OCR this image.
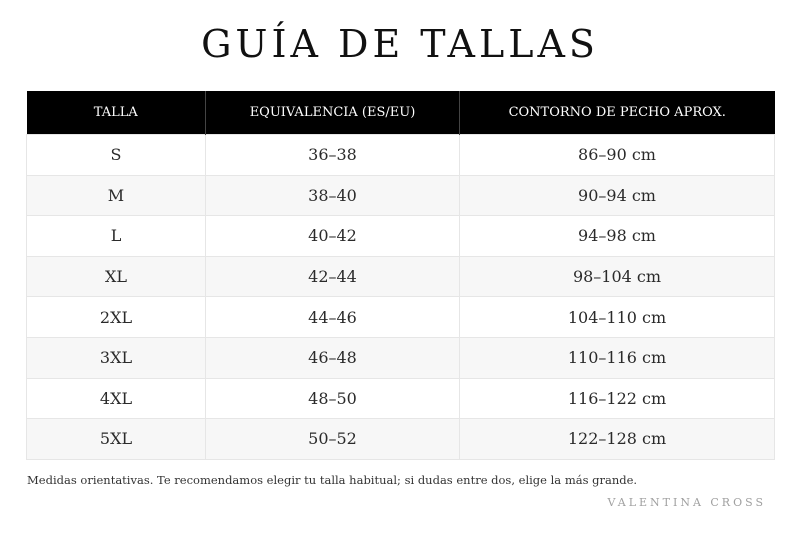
GUÍA DE TALLAS
TALLA	EQUIVALENCIA (ES/EU)	CONTORNO DE PECHO APROX.
S	36–38	86–90 cm
M	38–40	90–94 cm
L	40–42	94–98 cm
XL	42–44	98–104 cm
2XL	44–46	104–110 cm
3XL	46–48	110–116 cm
4XL	48–50	116–122 cm
5XL	50–52	122–128 cm
Medidas orientativas. Te recomendamos elegir tu talla habitual; si dudas entre dos, elige la más grande.
VALENTINA CROSS
